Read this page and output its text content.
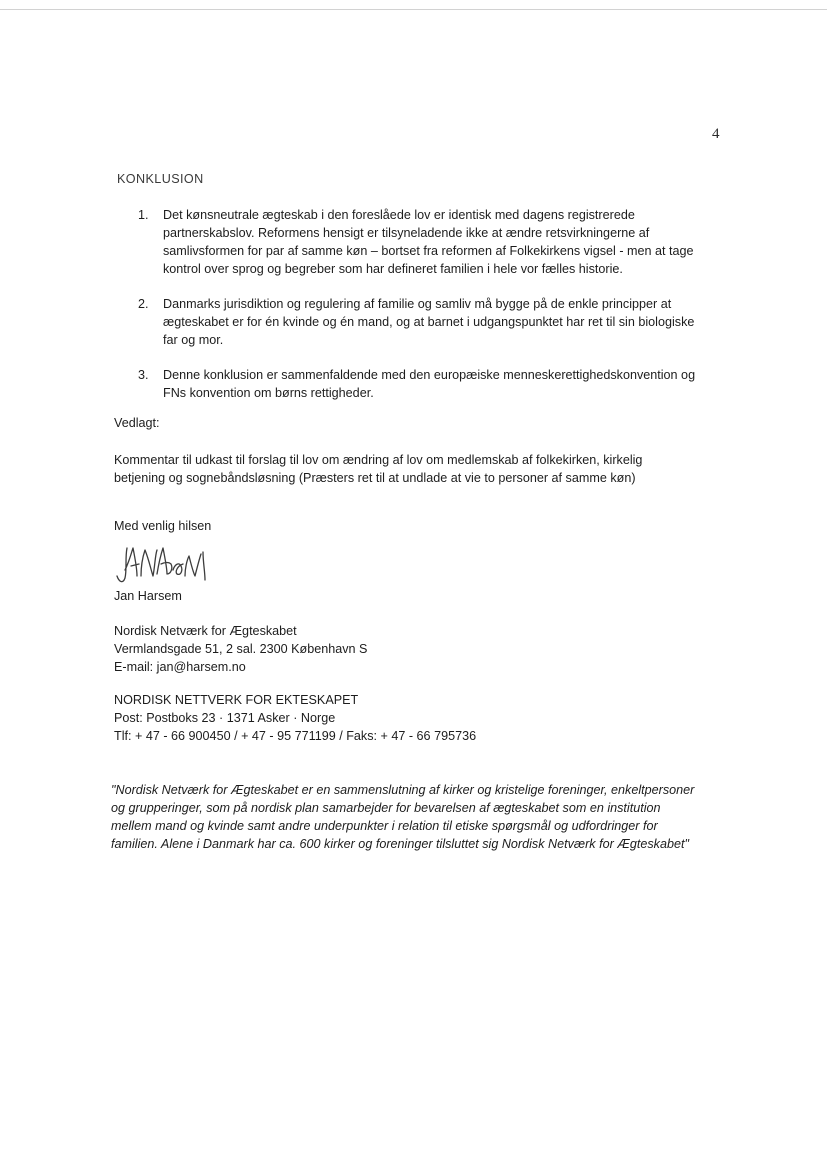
4
KONKLUSION
1. Det kønsneutrale ægteskab i den foreslåede lov er identisk med dagens registrerede
partnerskabslov. Reformens hensigt er tilsyneladende ikke at ændre retsvirkningerne af
samlivsformen for par af samme køn – bortset fra reformen af Folkekirkens vigsel - men at tage
kontrol over sprog og begreber som har defineret familien i hele vor fælles historie.
2. Danmarks jurisdiktion og regulering af familie og samliv må bygge på de enkle principper at
ægteskabet er for én kvinde og én mand, og at barnet i udgangspunktet har ret til sin biologiske
far og mor.
3. Denne konklusion er sammenfaldende med den europæiske menneskerettighedskonvention og
FNs konvention om børns rettigheder.
Vedlagt:
Kommentar til udkast til forslag til lov om ændring af lov om medlemskab af folkekirken, kirkelig
betjening og sognebåndsløsning (Præsters ret til at undlade at vie to personer af samme køn)
Med venlig hilsen
Jan Harsem
Nordisk Netværk for Ægteskabet
Vermlandsgade 51, 2 sal. 2300 København S
E-mail: jan@harsem.no
NORDISK NETTVERK FOR EKTESKAPET
Post: Postboks 23 · 1371 Asker · Norge
Tlf: + 47 - 66 900450 / + 47 - 95 771199 / Faks: + 47 - 66 795736
"Nordisk Netværk for Ægteskabet er en sammenslutning af kirker og kristelige foreninger, enkeltpersoner
og grupperinger, som på nordisk plan samarbejder for bevarelsen af ægteskabet som en institution
mellem mand og kvinde samt andre underpunkter i relation til etiske spørgsmål og udfordringer for
familien. Alene i Danmark har ca. 600 kirker og foreninger tilsluttet sig Nordisk Netværk for Ægteskabet"
